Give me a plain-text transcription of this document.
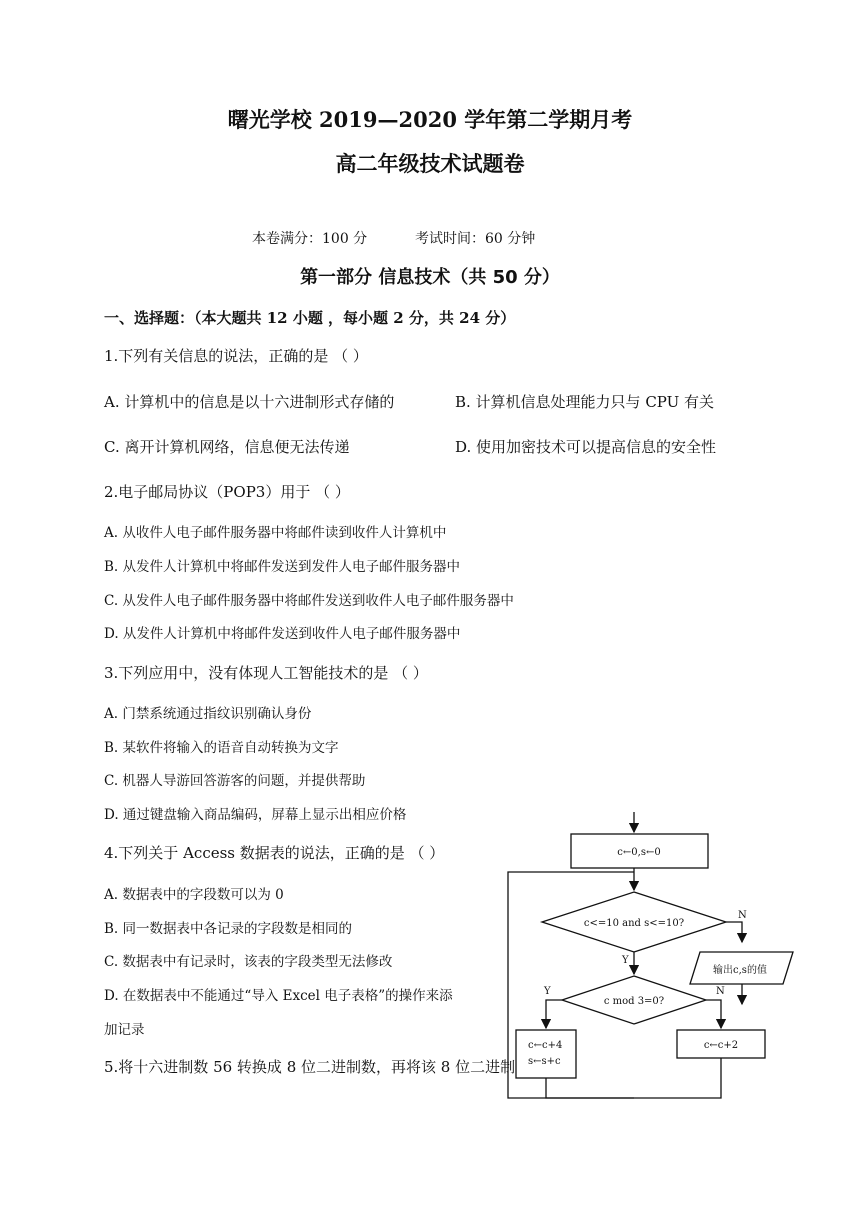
曙光学校 2019—2020 学年第二学期月考
高二年级技术试题卷
本卷满分：100 分	考试时间：60 分钟
第一部分 信息技术（共 50 分）
一、选择题：（本大题共 12 小题 ，每小题 2 分，共 24 分）
1.下列有关信息的说法，正确的是 （ ）
A. 计算机中的信息是以十六进制形式存储的	B. 计算机信息处理能力只与 CPU 有关
C. 离开计算机网络，信息便无法传递	D. 使用加密技术可以提高信息的安全性
2.电子邮局协议（POP3）用于 （ ）
A. 从收件人电子邮件服务器中将邮件读到收件人计算机中
B. 从发件人计算机中将邮件发送到发件人电子邮件服务器中
C. 从发件人电子邮件服务器中将邮件发送到收件人电子邮件服务器中
D. 从发件人计算机中将邮件发送到收件人电子邮件服务器中
3.下列应用中，没有体现人工智能技术的是 （ ）
A. 门禁系统通过指纹识别确认身份
B. 某软件将输入的语音自动转换为文字
C. 机器人导游回答游客的问题，并提供帮助
D. 通过键盘输入商品编码，屏幕上显示出相应价格
4.下列关于 Access 数据表的说法，正确的是 （ ）
A. 数据表中的字段数可以为 0
B. 同一数据表中各记录的字段数是相同的
C. 数据表中有记录时，该表的字段类型无法修改
D. 在数据表中不能通过“导入 Excel 电子表格”的操作来添
加记录
5.将十六进制数 56 转换成 8 位二进制数，再将该 8 位二进制
c←0,s←0
c<=10 and s<=10?
输出c,s的值
c mod 3=0?
c←c+4
s←s+c
c←c+2
N
Y
Y	N
